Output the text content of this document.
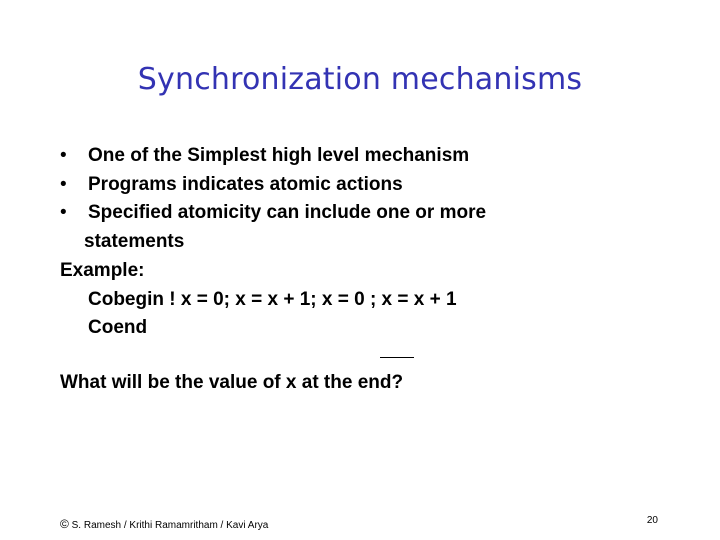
Synchronization mechanisms
• One of the Simplest high level mechanism
• Programs indicates atomic actions
• Specified atomicity can include one or more
statements
Example:
Cobegin ! x = 0; x = x + 1; x = 0 ; x = x + 1
Coend
What will be the value of x at the end?
© S. Ramesh / Krithi Ramamritham / Kavi Arya	20
